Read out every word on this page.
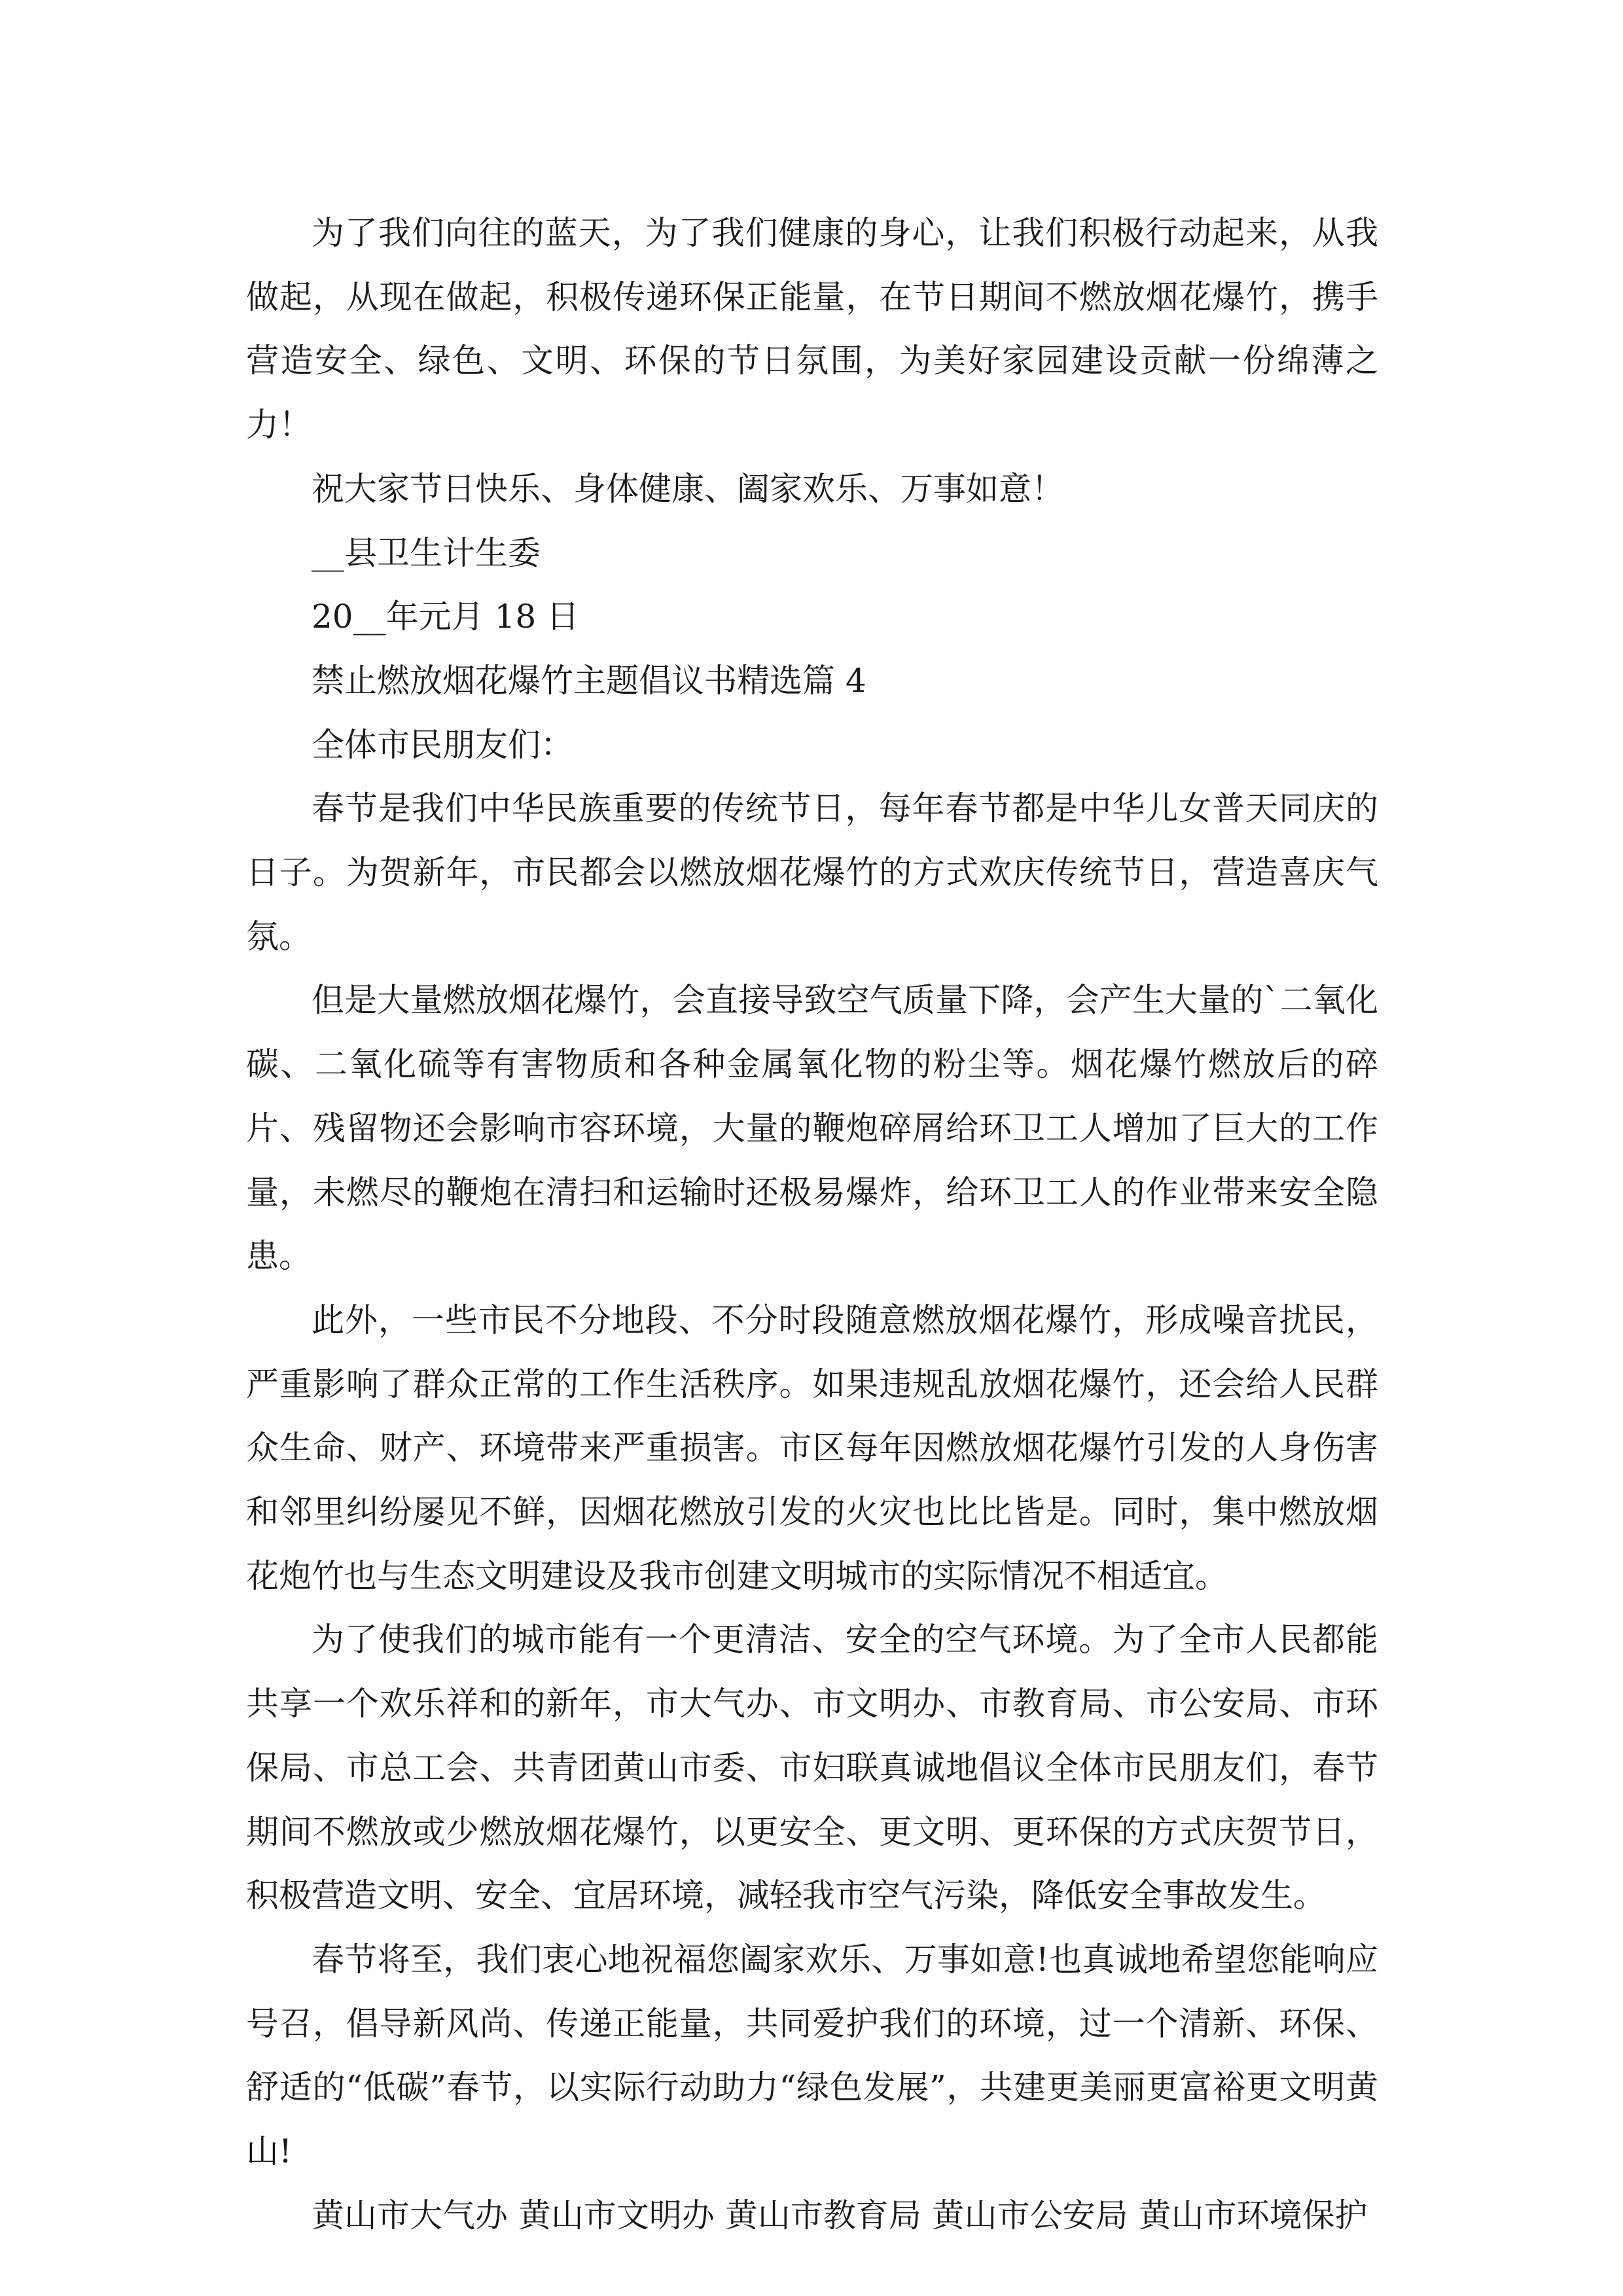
为了我们向往的蓝天，为了我们健康的身心，让我们积极行动起来，从我做起，从现在做起，积极传递环保正能量，在节日期间不燃放烟花爆竹，携手营造安全、绿色、文明、环保的节日氛围，为美好家园建设贡献一份绵薄之力！

祝大家节日快乐、身体健康、阖家欢乐、万事如意！

__县卫生计生委

20__年元月 18 日

禁止燃放烟花爆竹主题倡议书精选篇 4

全体市民朋友们：

春节是我们中华民族重要的传统节日，每年春节都是中华儿女普天同庆的日子。为贺新年，市民都会以燃放烟花爆竹的方式欢庆传统节日，营造喜庆气氛。

但是大量燃放烟花爆竹，会直接导致空气质量下降，会产生大量的`二氧化碳、二氧化硫等有害物质和各种金属氧化物的粉尘等。烟花爆竹燃放后的碎片、残留物还会影响市容环境，大量的鞭炮碎屑给环卫工人增加了巨大的工作量，未燃尽的鞭炮在清扫和运输时还极易爆炸，给环卫工人的作业带来安全隐患。

此外，一些市民不分地段、不分时段随意燃放烟花爆竹，形成噪音扰民，严重影响了群众正常的工作生活秩序。如果违规乱放烟花爆竹，还会给人民群众生命、财产、环境带来严重损害。市区每年因燃放烟花爆竹引发的人身伤害和邻里纠纷屡见不鲜，因烟花燃放引发的火灾也比比皆是。同时，集中燃放烟花炮竹也与生态文明建设及我市创建文明城市的实际情况不相适宜。

为了使我们的城市能有一个更清洁、安全的空气环境。为了全市人民都能共享一个欢乐祥和的新年，市大气办、市文明办、市教育局、市公安局、市环保局、市总工会、共青团黄山市委、市妇联真诚地倡议全体市民朋友们，春节期间不燃放或少燃放烟花爆竹，以更安全、更文明、更环保的方式庆贺节日，积极营造文明、安全、宜居环境，减轻我市空气污染，降低安全事故发生。

春节将至，我们衷心地祝福您阖家欢乐、万事如意!也真诚地希望您能响应号召，倡导新风尚、传递正能量，共同爱护我们的环境，过一个清新、环保、舒适的“低碳”春节，以实际行动助力“绿色发展”，共建更美丽更富裕更文明黄山!

黄山市大气办 黄山市文明办 黄山市教育局 黄山市公安局 黄山市环境保护
